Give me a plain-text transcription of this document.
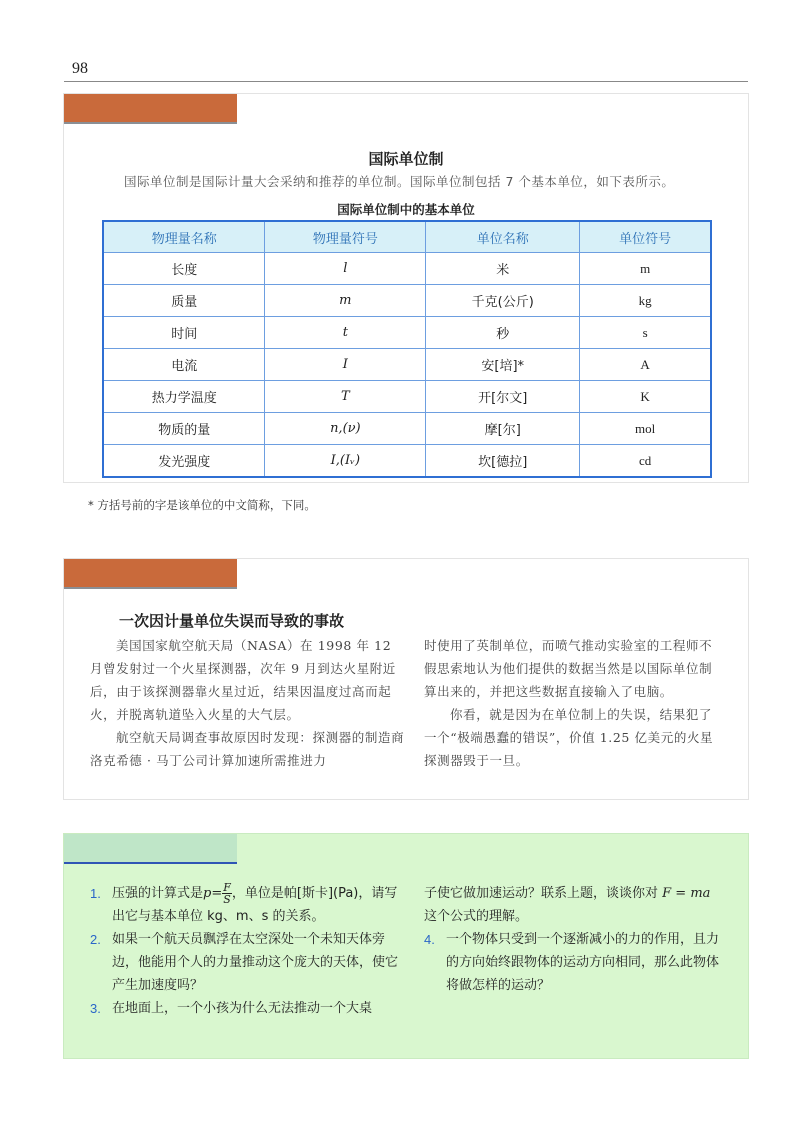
98
国际单位制
国际单位制是国际计量大会采纳和推荐的单位制。国际单位制包括 7 个基本单位，如下表所示。
国际单位制中的基本单位
物理量名称	物理量符号	单位名称	单位符号
长度	l	米	m
质量	m	千克(公斤)	kg
时间	t	秒	s
电流	I	安[培]*	A
热力学温度	T	开[尔文]	K
物质的量	n,(ν)	摩[尔]	mol
发光强度	I,(Iᵥ)	坎[德拉]	cd
* 方括号前的字是该单位的中文简称，下同。
一次因计量单位失误而导致的事故

美国国家航空航天局（NASA）在 1998 年 12 月曾发射过一个火星探测器，次年 9 月到达火星附近后，由于该探测器靠火星过近，结果因温度过高而起火，并脱离轨道坠入火星的大气层。

航空航天局调查事故原因时发现：探测器的制造商洛克希德 · 马丁公司计算加速所需推进力

时使用了英制单位，而喷气推动实验室的工程师不假思索地认为他们提供的数据当然是以国际单位制算出来的，并把这些数据直接输入了电脑。

你看，就是因为在单位制上的失误，结果犯了一个“极端愚蠢的错误”，价值 1.25 亿美元的火星探测器毁于一旦。

1. 压强的计算式是$p= \frac{F}{S}$ ，单位是帕[斯卡](Pa)，请写出它与基本单位 kg、m、s 的关系。
2. 如果一个航天员飘浮在太空深处一个未知天体旁边，他能用个人的力量推动这个庞大的天体，使它产生加速度吗？
3. 在地面上，一个小孩为什么无法推动一个大桌
子使它做加速运动？联系上题，谈谈你对 F = ma 这个公式的理解。
4. 一个物体只受到一个逐渐减小的力的作用，且力的方向始终跟物体的运动方向相同，那么此物体将做怎样的运动？
